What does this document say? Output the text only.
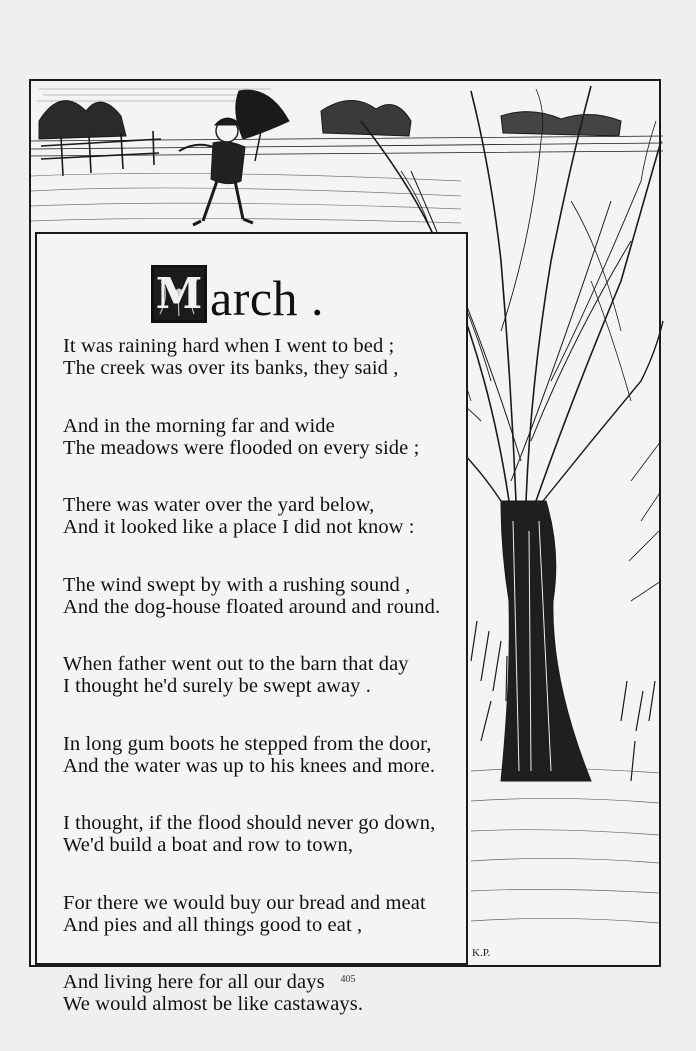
M arch .
It was raining hard when I went to bed ;
The creek was over its banks, they said ,
And in the morning far and wide
The meadows were flooded on every side ;
There was water over the yard below,
And it looked like a place I did not know :
The wind swept by with a rushing sound ,
And the dog-house floated around and round.
When father went out to the barn that day
I thought he'd surely be swept away .
In long gum boots he stepped from the door,
And the water was up to his knees and more.
I thought, if the flood should never go down,
We'd build a boat and row to town,
For there we would buy our bread and meat
And pies and all things good to eat ,
And living here for all our days
We would almost be like castaways.
K.P.
405
